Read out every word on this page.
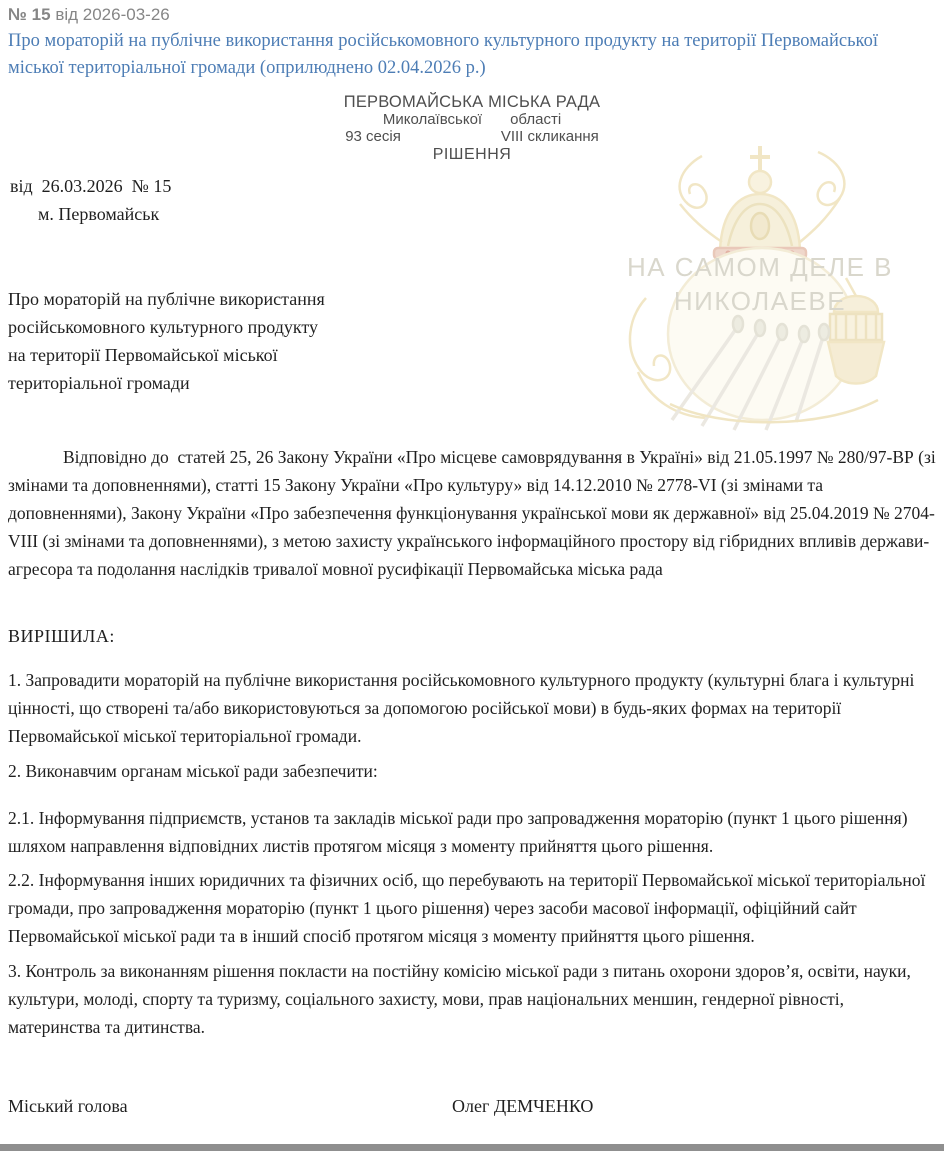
№ 15 від 2026-03-26
Про мораторій на публічне використання російськомовного культурного продукту на території Первомайської міської територіальної громади (оприлюднено 02.04.2026 р.)
НА САМОМ ДЕЛЕ В
НИКОЛАЕВЕ
ПЕРВОМАЙСЬКА МІСЬКА РАДА
Миколаївської області
93 сесія	VIII скликання
РІШЕННЯ
від  26.03.2026  № 15
м. Первомайськ
Про мораторій на публічне використання
російськомовного культурного продукту
на території Первомайської міської
територіальної громади
Відповідно до  статей 25, 26 Закону України «Про місцеве самоврядування в Україні» від 21.05.1997 № 280/97-ВР (зі змінами та доповненнями), статті 15 Закону України «Про культуру» від 14.12.2010 № 2778-VI (зі змінами та доповненнями), Закону України «Про забезпечення функціонування української мови як державної» від 25.04.2019 № 2704-VIII (зі змінами та доповненнями), з метою захисту українського інформаційного простору від гібридних впливів держави-агресора та подолання наслідків тривалої мовної русифікації Первомайська міська рада
ВИРІШИЛА:
1. Запровадити мораторій на публічне використання російськомовного культурного продукту (культурні блага і культурні цінності, що створені та/або використовуються за допомогою російської мови) в будь-яких формах на території Первомайської міської територіальної громади.
2. Виконавчим органам міської ради забезпечити:
2.1. Інформування підприємств, установ та закладів міської ради про запровадження мораторію (пункт 1 цього рішення) шляхом направлення відповідних листів протягом місяця з моменту прийняття цього рішення.
2.2. Інформування інших юридичних та фізичних осіб, що перебувають на території Первомайської міської територіальної громади, про запровадження мораторію (пункт 1 цього рішення) через засоби масової інформації, офіційний сайт Первомайської міської ради та в інший спосіб протягом місяця з моменту прийняття цього рішення.
3. Контроль за виконанням рішення покласти на постійну комісію міської ради з питань охорони здоров’я, освіти, науки, культури, молоді, спорту та туризму, соціального захисту, мови, прав національних меншин, гендерної рівності, материнства та дитинства.
Міський голова	Олег ДЕМЧЕНКО
